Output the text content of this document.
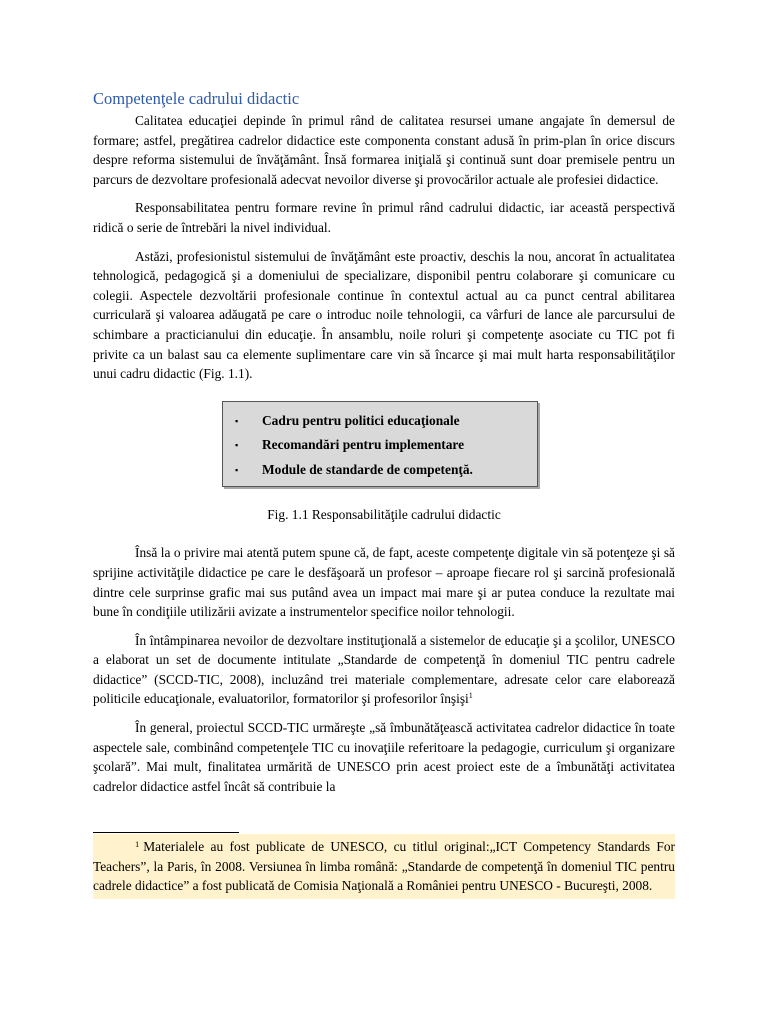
Competenţele cadrului didactic

Calitatea educaţiei depinde în primul rând de calitatea resursei umane angajate în demersul de formare; astfel, pregătirea cadrelor didactice este componenta constant adusă în prim-plan în orice discurs despre reforma sistemului de învăţământ. Însă formarea iniţială şi continuă sunt doar premisele pentru un parcurs de dezvoltare profesională adecvat nevoilor diverse şi provocărilor actuale ale profesiei didactice.

Responsabilitatea pentru formare revine în primul rând cadrului didactic, iar această perspectivă ridică o serie de întrebări la nivel individual.

Astăzi, profesionistul sistemului de învăţământ este proactiv, deschis la nou, ancorat în actualitatea tehnologică, pedagogică şi a domeniului de specializare, disponibil pentru colaborare şi comunicare cu colegii. Aspectele dezvoltării profesionale continue în contextul actual au ca punct central abilitarea curriculară şi valoarea adăugată pe care o introduc noile tehnologii, ca vârfuri de lance ale parcursului de schimbare a practicianului din educaţie. În ansamblu, noile roluri şi competenţe asociate cu TIC pot fi privite ca un balast sau ca elemente suplimentare care vin să încarce şi mai mult harta responsabilităţilor unui cadru didactic (Fig. 1.1).

▪	Cadru pentru politici educaţionale
▪	Recomandări pentru implementare
▪	Module de standarde de competenţă.
Fig. 1.1 Responsabilităţile cadrului didactic

Însă la o privire mai atentă putem spune că, de fapt, aceste competenţe digitale vin să potenţeze şi să sprijine activităţile didactice pe care le desfăşoară un profesor – aproape fiecare rol şi sarcină profesională dintre cele surprinse grafic mai sus putând avea un impact mai mare şi ar putea conduce la rezultate mai bune în condiţiile utilizării avizate a instrumentelor specifice noilor tehnologii.

În întâmpinarea nevoilor de dezvoltare instituţională a sistemelor de educaţie şi a şcolilor, UNESCO a elaborat un set de documente intitulate „Standarde de competenţă în domeniul TIC pentru cadrele didactice” (SCCD-TIC, 2008), incluzând trei materiale complementare, adresate celor care elaborează politicile educaţionale, evaluatorilor, formatorilor şi profesorilor înşişi$^1$

În general, proiectul SCCD-TIC urmăreşte „să îmbunătăţească activitatea cadrelor didactice în toate aspectele sale, combinând competenţele TIC cu inovaţiile referitoare la pedagogie, curriculum şi organizare şcolară”. Mai mult, finalitatea urmărită de UNESCO prin acest proiect este de a îmbunătăţi activitatea cadrelor didactice astfel încât să contribuie la

$^1$ Materialele au fost publicate de UNESCO, cu titlul original:„ICT Competency Standards For Teachers”, la Paris, în 2008. Versiunea în limba română: „Standarde de competenţă în domeniul TIC pentru cadrele didactice” a fost publicată de Comisia Naţională a României pentru UNESCO - Bucureşti, 2008.
